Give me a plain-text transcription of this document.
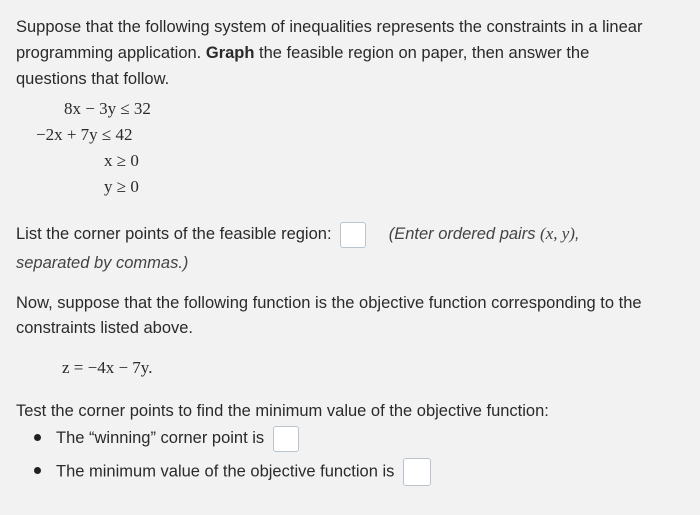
Suppose that the following system of inequalities represents the constraints in a linear
programming application. Graph the feasible region on paper, then answer the
questions that follow.
8x − 3y ≤ 32
−2x + 7y ≤ 42
x ≥ 0
y ≥ 0
List the corner points of the feasible region:	(Enter ordered pairs (x, y),
separated by commas.)
Now, suppose that the following function is the objective function corresponding to the
constraints listed above.
z = −4x − 7y.
Test the corner points to find the minimum value of the objective function:
The “winning” corner point is
The minimum value of the objective function is
